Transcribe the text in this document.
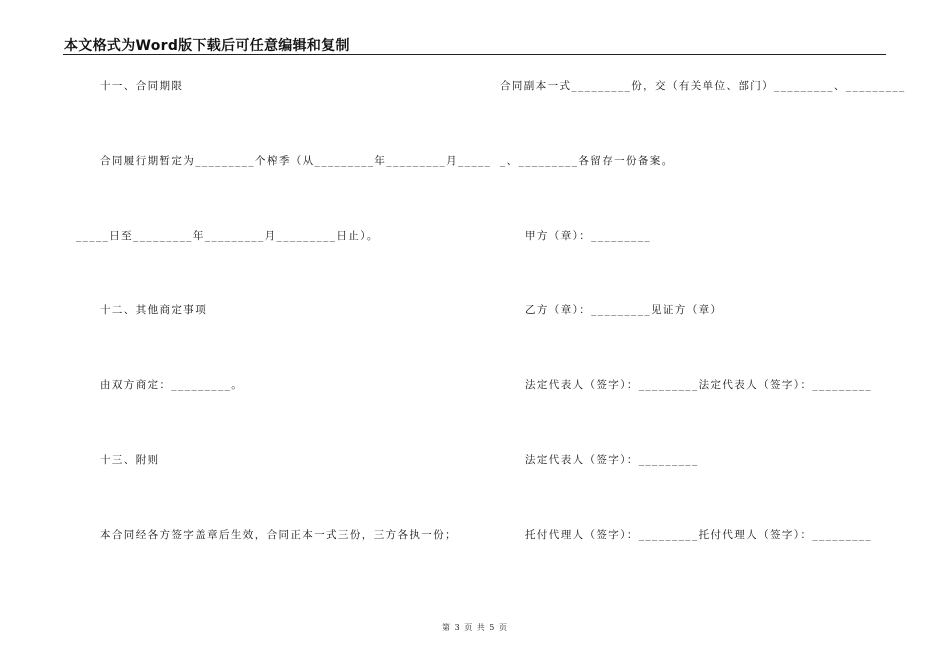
本文格式为Word版下载后可任意编辑和复制
十一、合同期限
合同履行期暂定为_________个榨季（从_________年_________月_____
_____日至_________年_________月_________日止）。
十二、其他商定事项
由双方商定：_________。
十三、附则
本合同经各方签字盖章后生效，合同正本一式三份，三方各执一份；
合同副本一式_________份，交（有关单位、部门）_________、_________
_、_________各留存一份备案。
甲方（章）：_________
乙方（章）：_________见证方（章）
法定代表人（签字）：_________法定代表人（签字）：_________
法定代表人（签字）：_________
托付代理人（签字）：_________托付代理人（签字）：_________
第 3 页 共 5 页
